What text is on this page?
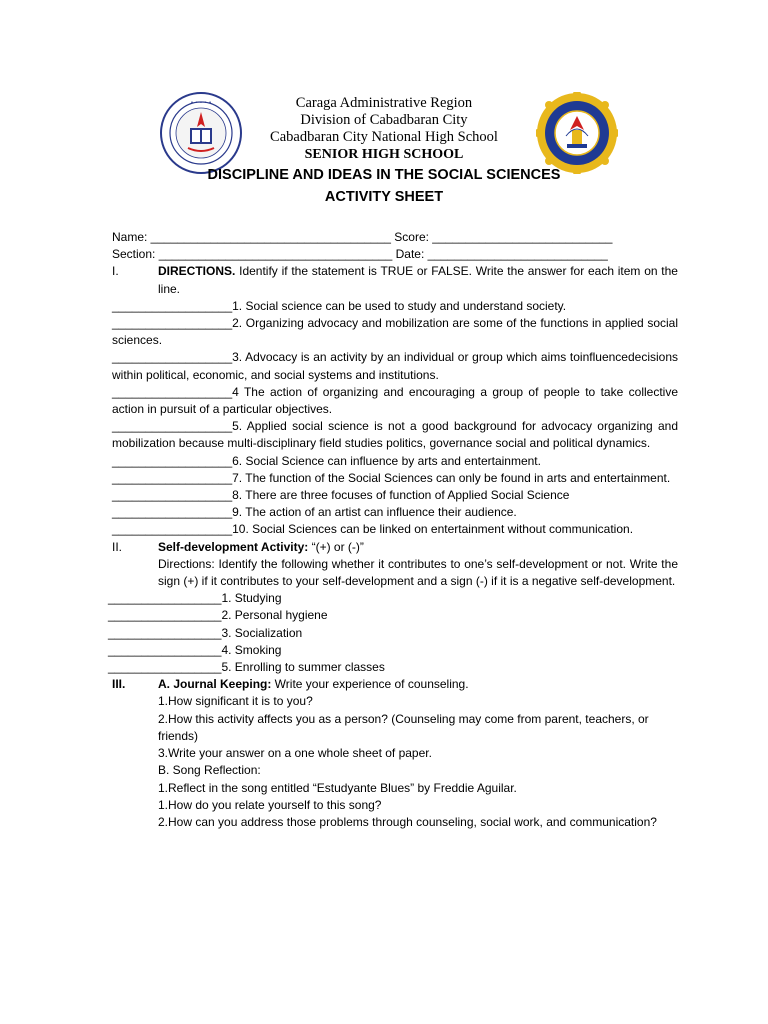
• • • • •	Caraga Administrative Region
Division of Cabadbaran City
Cabadbaran City National High School
SENIOR HIGH SCHOOL
DISCIPLINE AND IDEAS IN THE SOCIAL SCIENCES
ACTIVITY SHEET
Name: ____________________________________ Score: ___________________________
Section: ___________________________________ Date: ___________________________
I.	DIRECTIONS. Identify if the statement is TRUE or FALSE. Write the answer for each item on the line.
__________________1. Social science can be used to study and understand society.
__________________2. Organizing advocacy and mobilization are some of the functions in applied social sciences.
__________________3. Advocacy is an activity by an individual or group which aims toinfluencedecisions within political, economic, and social systems and institutions.
__________________4 The action of organizing and encouraging a group of people to take collective action in pursuit of a particular objectives.
__________________5. Applied social science is not a good background for advocacy organizing and mobilization because multi-disciplinary field studies politics, governance social and political dynamics.
__________________6. Social Science can influence by arts and entertainment.
__________________7. The function of the Social Sciences can only be found in arts and entertainment.
__________________8. There are three focuses of function of Applied Social Science
__________________9. The action of an artist can influence their audience.
__________________10. Social Sciences can be linked on entertainment without communication.
II.	Self-development Activity: “(+) or (-)”
Directions: Identify the following whether it contributes to one’s self-development or not. Write the sign (+) if it contributes to your self-development and a sign (-) if it is a negative self-development.
_________________1. Studying
_________________2. Personal hygiene
_________________3. Socialization
_________________4. Smoking
_________________5. Enrolling to summer classes
III.	A. Journal Keeping: Write your experience of counseling.
1.How significant it is to you?
2.How this activity affects you as a person? (Counseling may come from parent, teachers, or friends)
3.Write your answer on a one whole sheet of paper.
B. Song Reflection:
1.Reflect in the song entitled “Estudyante Blues” by Freddie Aguilar.
1.How do you relate yourself to this song?
2.How can you address those problems through counseling, social work, and communication?
